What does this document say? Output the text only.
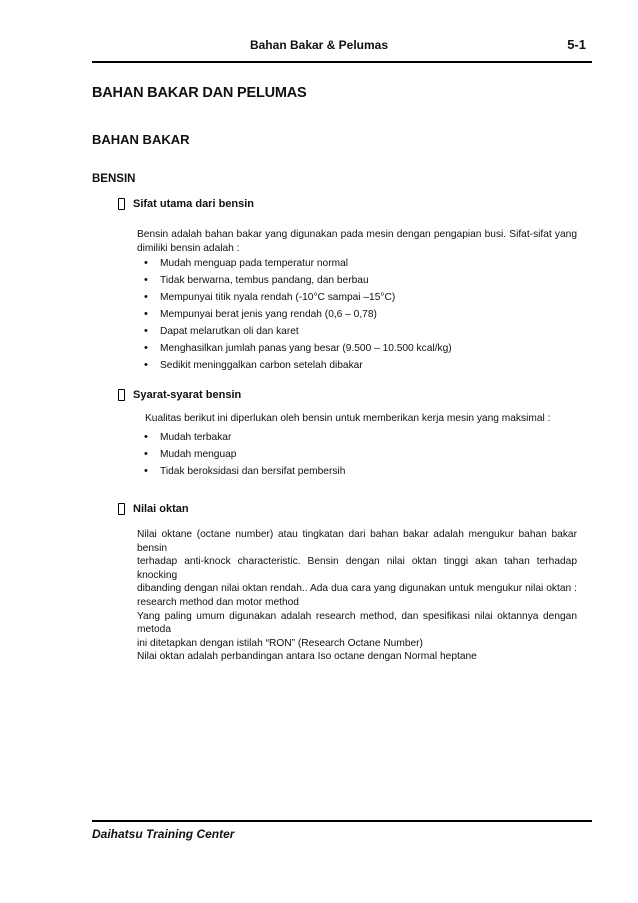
Bahan Bakar & Pelumas	5-1
BAHAN BAKAR DAN PELUMAS
BAHAN BAKAR
BENSIN
Sifat utama dari bensin
Bensin adalah bahan bakar yang digunakan pada mesin dengan pengapian busi. Sifat-sifat yang
dimiliki bensin adalah :
• Mudah menguap pada temperatur normal
• Tidak berwarna, tembus pandang, dan berbau
• Mempunyai titik nyala rendah (-10°C sampai –15°C)
• Mempunyai berat jenis yang rendah (0,6 – 0,78)
• Dapat melarutkan oli dan karet
• Menghasilkan jumlah panas yang besar (9.500 – 10.500 kcal/kg)
• Sedikit meninggalkan carbon setelah dibakar
Syarat-syarat bensin
Kualitas berikut ini diperlukan oleh bensin untuk memberikan kerja mesin yang maksimal :
• Mudah terbakar
• Mudah menguap
• Tidak beroksidasi dan bersifat pembersih
Nilai oktan
Nilai oktane (octane number) atau tingkatan dari bahan bakar adalah mengukur bahan bakar bensin
terhadap anti-knock characteristic. Bensin dengan nilai oktan tinggi akan tahan terhadap knocking
dibanding dengan nilai oktan rendah.. Ada dua cara yang digunakan untuk mengukur nilai oktan :
research method dan motor method
Yang paling umum digunakan adalah research method, dan spesifikasi nilai oktannya dengan metoda
ini ditetapkan dengan istilah “RON” (Research Octane Number)
Nilai oktan adalah perbandingan antara Iso octane dengan Normal heptane
Daihatsu Training Center
